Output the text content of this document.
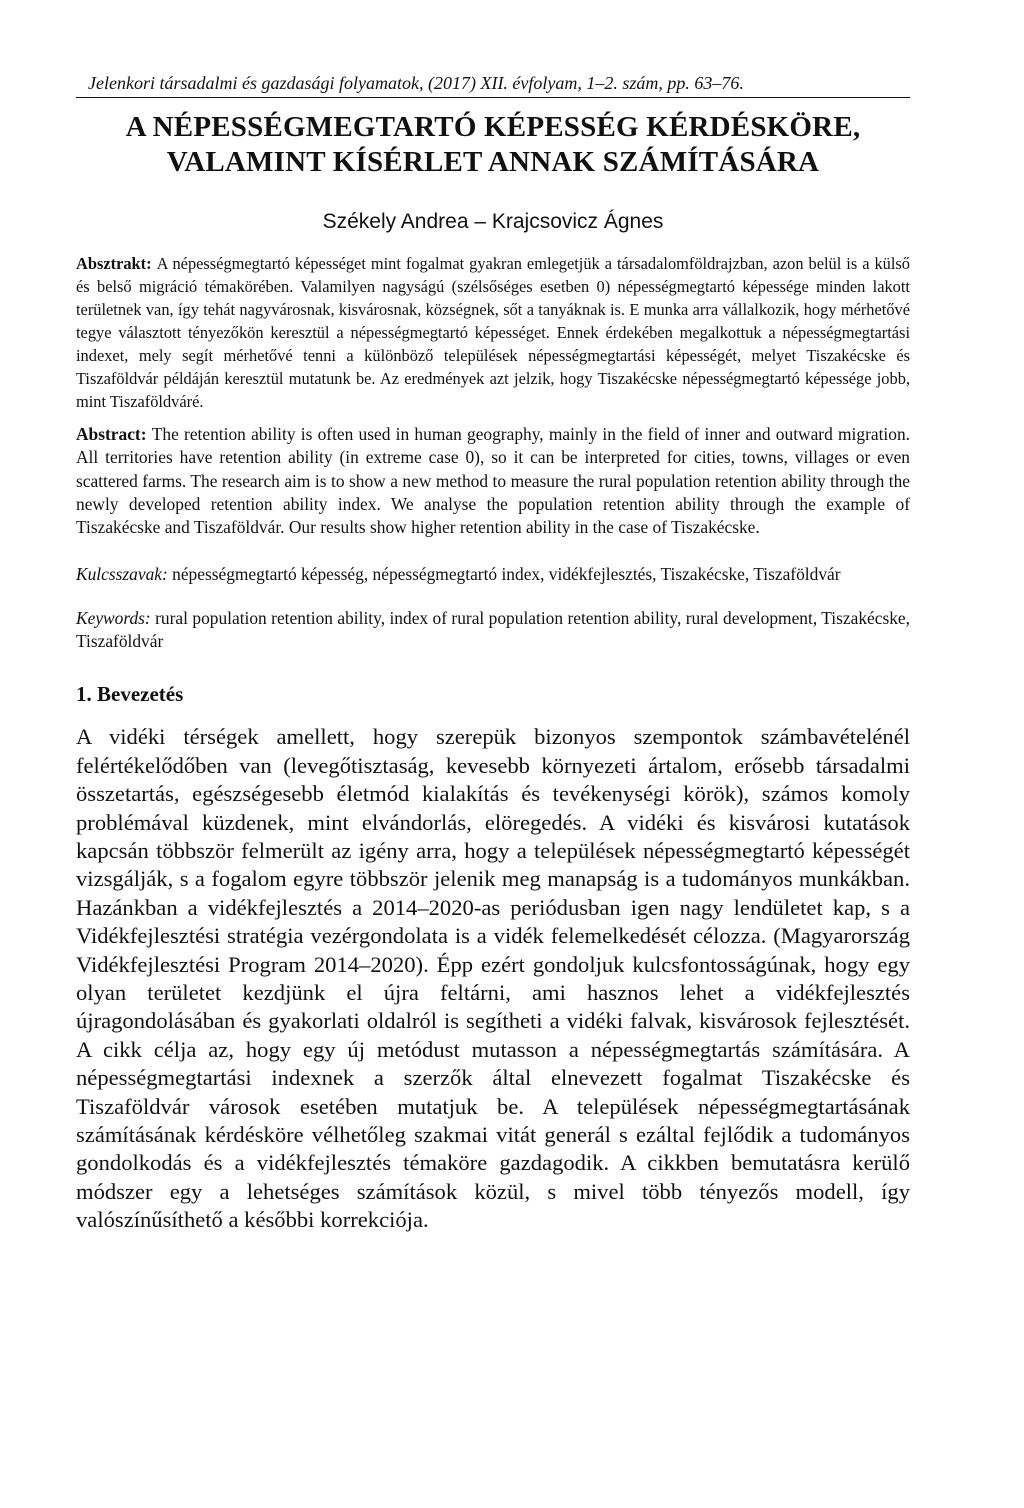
Jelenkori társadalmi és gazdasági folyamatok, (2017) XII. évfolyam, 1–2. szám, pp. 63–76.
A NÉPESSÉGMEGTARTÓ KÉPESSÉG KÉRDÉSKÖRE,
VALAMINT KÍSÉRLET ANNAK SZÁMÍTÁSÁRA
Székely Andrea – Krajcsovicz Ágnes
Absztrakt: A népességmegtartó képességet mint fogalmat gyakran emlegetjük a társadalomföldrajzban, azon belül is a külső és belső migráció témakörében. Valamilyen nagyságú (szélsőséges esetben 0) népességmegtartó képessége minden lakott területnek van, így tehát nagyvárosnak, kisvárosnak, községnek, sőt a tanyáknak is. E munka arra vállalkozik, hogy mérhetővé tegye választott tényezőkön keresztül a népességmegtartó képességet. Ennek érdekében megalkottuk a népességmegtartási indexet, mely segít mérhetővé tenni a különböző települések népességmegtartási képességét, melyet Tiszakécske és Tiszaföldvár példáján keresztül mutatunk be. Az eredmények azt jelzik, hogy Tiszakécske népességmegtartó képessége jobb, mint Tiszaföldváré.
Abstract: The retention ability is often used in human geography, mainly in the field of inner and outward migration. All territories have retention ability (in extreme case 0), so it can be interpreted for cities, towns, villages or even scattered farms. The research aim is to show a new method to measure the rural population retention ability through the newly developed retention ability index. We analyse the population retention ability through the example of Tiszakécske and Tiszaföldvár. Our results show higher retention ability in the case of Tiszakécske.
Kulcsszavak: népességmegtartó képesség, népességmegtartó index, vidékfejlesztés, Tiszakécske, Tiszaföldvár
Keywords: rural population retention ability, index of rural population retention ability, rural development, Tiszakécske, Tiszaföldvár
1. Bevezetés
A vidéki térségek amellett, hogy szerepük bizonyos szempontok számbavételénél felértékelődőben van (levegőtisztaság, kevesebb környezeti ártalom, erősebb társadalmi összetartás, egészségesebb életmód kialakítás és tevékenységi körök), számos komoly problémával küzdenek, mint elvándorlás, elöregedés. A vidéki és kisvárosi kutatások kapcsán többször felmerült az igény arra, hogy a települések népességmegtartó képességét vizsgálják, s a fogalom egyre többször jelenik meg manapság is a tudományos munkákban. Hazánkban a vidékfejlesztés a 2014–2020-as periódusban igen nagy lendületet kap, s a Vidékfejlesztési stratégia vezérgondolata is a vidék felemelkedését célozza. (Magyarország Vidékfejlesztési Program 2014–2020). Épp ezért gondoljuk kulcsfontosságúnak, hogy egy olyan területet kezdjünk el újra feltárni, ami hasznos lehet a vidékfejlesztés újragondolásában és gyakorlati oldalról is segítheti a vidéki falvak, kisvárosok fejlesztését. A cikk célja az, hogy egy új metódust mutasson a népességmegtartás számítására. A népességmegtartási indexnek a szerzők által elnevezett fogalmat Tiszakécske és Tiszaföldvár városok esetében mutatjuk be. A települések népességmegtartásának számításának kérdésköre vélhetőleg szakmai vitát generál s ezáltal fejlődik a tudományos gondolkodás és a vidékfejlesztés témaköre gazdagodik. A cikkben bemutatásra kerülő módszer egy a lehetséges számítások közül, s mivel több tényezős modell, így valószínűsíthető a későbbi korrekciója.
